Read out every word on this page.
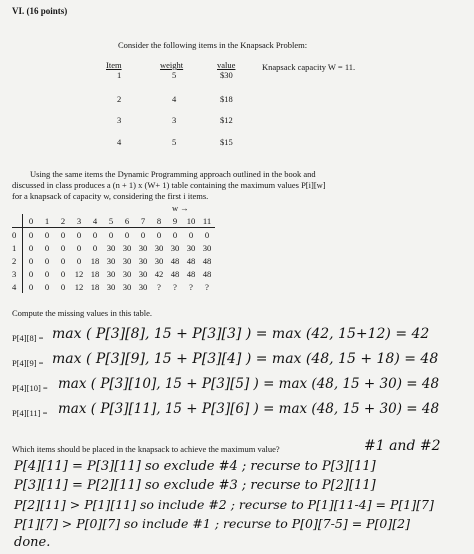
VI. (16 points)
Consider the following items in the Knapsack Problem:
Item	weight	value	Knapsack capacity W = 11.
1	5	$30
2	4	$18
3	3	$12
4	5	$15
Using the same items the Dynamic Programming approach outlined in the book and
discussed in class produces a (n + 1) x (W+ 1) table containing the maximum values P[i][w]
for a knapsack of capacity w, considering the first i items.
w →
	0	1	2	3	4	5	6	7	8	9	10	11
0	0	0	0	0	0	0	0	0	0	0	0	0
1	0	0	0	0	0	30	30	30	30	30	30	30
2	0	0	0	0	18	30	30	30	30	48	48	48
3	0	0	0	12	18	30	30	30	42	48	48	48
4	0	0	0	12	18	30	30	30	?	?	?	?
Compute the missing values in this table.
P[4][8] = max ( P[3][8], 15 + P[3][3] ) = max (42, 15+12) = 42
P[4][9] = max ( P[3][9], 15 + P[3][4] ) = max (48, 15 + 18) = 48
P[4][10] = max ( P[3][10], 15 + P[3][5] ) = max (48, 15 + 30) = 48
P[4][11] = max ( P[3][11], 15 + P[3][6] ) = max (48, 15 + 30) = 48
Which items should be placed in the knapsack to achieve the maximum value?	#1 and #2
P[4][11] = P[3][11] so exclude #4 ; recurse to P[3][11]
P[3][11] = P[2][11] so exclude #3 ; recurse to P[2][11]
P[2][11] > P[1][11] so include #2 ; recurse to P[1][11-4] = P[1][7]
P[1][7] > P[0][7] so include #1 ; recurse to P[0][7-5] = P[0][2]
done.
